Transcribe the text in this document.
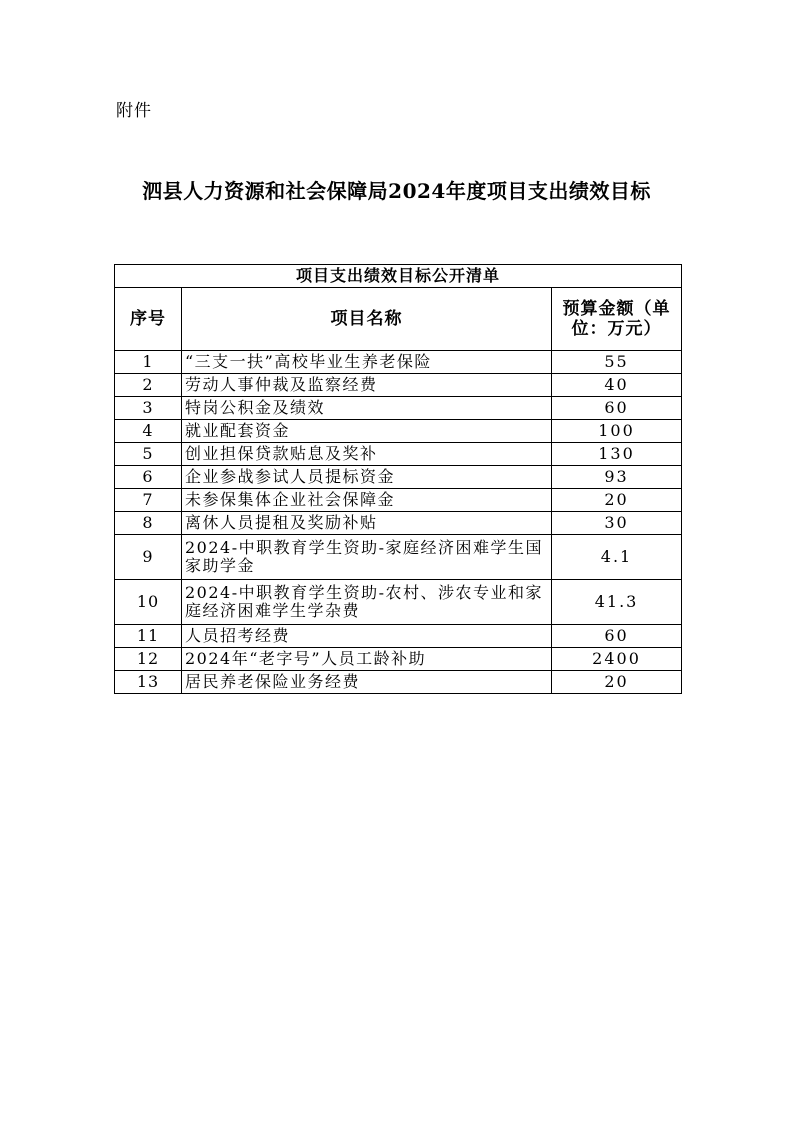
附件
泗县人力资源和社会保障局2024年度项目支出绩效目标
项目支出绩效目标公开清单		
序号	项目名称	预算金额（单位：万元）
1	“三支一扶”高校毕业生养老保险	55
2	劳动人事仲裁及监察经费	40
3	特岗公积金及绩效	60
4	就业配套资金	100
5	创业担保贷款贴息及奖补	130
6	企业参战参试人员提标资金	93
7	未参保集体企业社会保障金	20
8	离休人员提租及奖励补贴	30
9	2024-中职教育学生资助-家庭经济困难学生国家助学金	4.1
10	2024-中职教育学生资助-农村、涉农专业和家庭经济困难学生学杂费	41.3
11	人员招考经费	60
12	2024年“老字号”人员工龄补助	2400
13	居民养老保险业务经费	20
